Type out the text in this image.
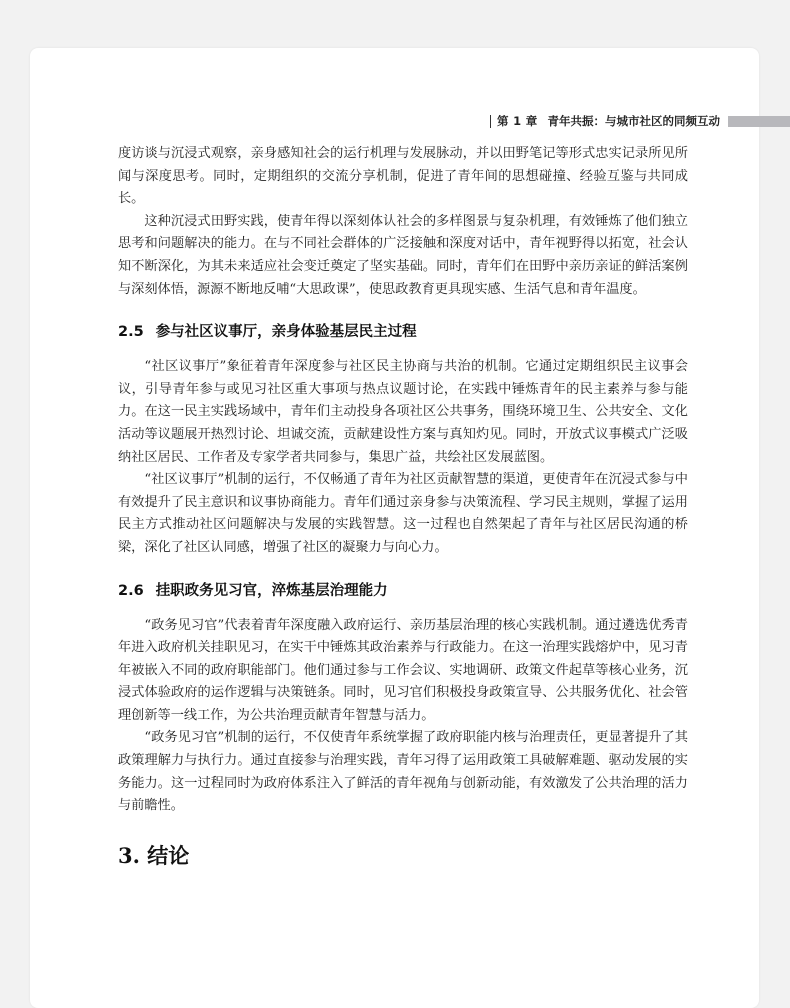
第 1 章 青年共振：与城市社区的同频互动

度访谈与沉浸式观察，亲身感知社会的运行机理与发展脉动，并以田野笔记等形式忠实记录所见所闻与深度思考。同时，定期组织的交流分享机制，促进了青年间的思想碰撞、经验互鉴与共同成长。

这种沉浸式田野实践，使青年得以深刻体认社会的多样图景与复杂机理，有效锤炼了他们独立思考和问题解决的能力。在与不同社会群体的广泛接触和深度对话中，青年视野得以拓宽，社会认知不断深化，为其未来适应社会变迁奠定了坚实基础。同时，青年们在田野中亲历亲证的鲜活案例与深刻体悟，源源不断地反哺“大思政课”，使思政教育更具现实感、生活气息和青年温度。

2.5 参与社区议事厅，亲身体验基层民主过程

“社区议事厅”象征着青年深度参与社区民主协商与共治的机制。它通过定期组织民主议事会议，引导青年参与或见习社区重大事项与热点议题讨论，在实践中锤炼青年的民主素养与参与能力。在这一民主实践场域中，青年们主动投身各项社区公共事务，围绕环境卫生、公共安全、文化活动等议题展开热烈讨论、坦诚交流，贡献建设性方案与真知灼见。同时，开放式议事模式广泛吸纳社区居民、工作者及专家学者共同参与，集思广益，共绘社区发展蓝图。

“社区议事厅”机制的运行，不仅畅通了青年为社区贡献智慧的渠道，更使青年在沉浸式参与中有效提升了民主意识和议事协商能力。青年们通过亲身参与决策流程、学习民主规则，掌握了运用民主方式推动社区问题解决与发展的实践智慧。这一过程也自然架起了青年与社区居民沟通的桥梁，深化了社区认同感，增强了社区的凝聚力与向心力。

2.6 挂职政务见习官，淬炼基层治理能力

“政务见习官”代表着青年深度融入政府运行、亲历基层治理的核心实践机制。通过遴选优秀青年进入政府机关挂职见习，在实干中锤炼其政治素养与行政能力。在这一治理实践熔炉中，见习青年被嵌入不同的政府职能部门。他们通过参与工作会议、实地调研、政策文件起草等核心业务，沉浸式体验政府的运作逻辑与决策链条。同时，见习官们积极投身政策宣导、公共服务优化、社会管理创新等一线工作，为公共治理贡献青年智慧与活力。

“政务见习官”机制的运行，不仅使青年系统掌握了政府职能内核与治理责任，更显著提升了其政策理解力与执行力。通过直接参与治理实践，青年习得了运用政策工具破解难题、驱动发展的实务能力。这一过程同时为政府体系注入了鲜活的青年视角与创新动能，有效激发了公共治理的活力与前瞻性。

3. 结论
